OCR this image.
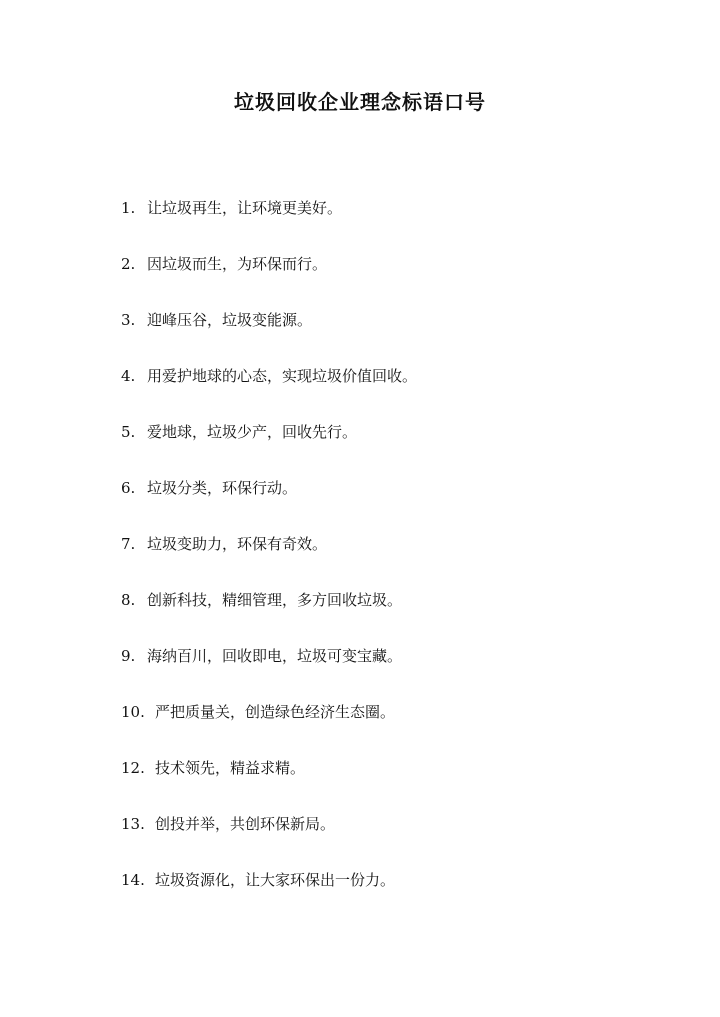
垃圾回收企业理念标语口号
1. 让垃圾再生，让环境更美好。
2. 因垃圾而生，为环保而行。
3. 迎峰压谷，垃圾变能源。
4. 用爱护地球的心态，实现垃圾价值回收。
5. 爱地球，垃圾少产，回收先行。
6. 垃圾分类，环保行动。
7. 垃圾变助力，环保有奇效。
8. 创新科技，精细管理，多方回收垃圾。
9. 海纳百川，回收即电，垃圾可变宝藏。
10. 严把质量关，创造绿色经济生态圈。
12. 技术领先，精益求精。
13. 创投并举，共创环保新局。
14. 垃圾资源化，让大家环保出一份力。
